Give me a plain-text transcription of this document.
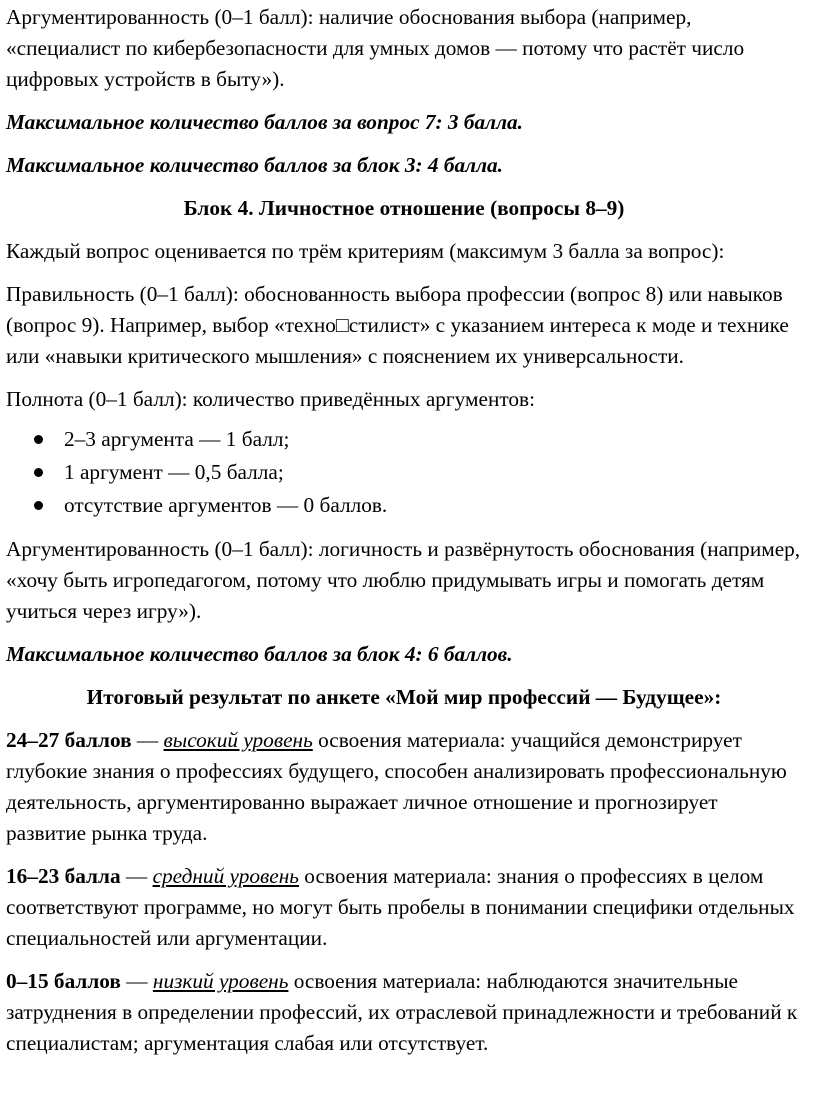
Аргументированность (0–1 балл): наличие обоснования выбора (например, «специалист по кибербезопасности для умных домов — потому что растёт число цифровых устройств в быту»).

Максимальное количество баллов за вопрос 7: 3 балла.

Максимальное количество баллов за блок 3: 4 балла.

Блок 4. Личностное отношение (вопросы 8–9)

Каждый вопрос оценивается по трём критериям (максимум 3 балла за вопрос):

Правильность (0–1 балл): обоснованность выбора профессии (вопрос 8) или навыков (вопрос 9). Например, выбор «техно□стилист» с указанием интереса к моде и технике или «навыки критического мышления» с пояснением их универсальности.

Полнота (0–1 балл): количество приведённых аргументов:

2–3 аргумента — 1 балл;
1 аргумент — 0,5 балла;
отсутствие аргументов — 0 баллов.

Аргументированность (0–1 балл): логичность и развёрнутость обоснования (например, «хочу быть игропедагогом, потому что люблю придумывать игры и помогать детям учиться через игру»).

Максимальное количество баллов за блок 4: 6 баллов.

Итоговый результат по анкете «Мой мир профессий — Будущее»:

24–27 баллов — высокий уровень освоения материала: учащийся демонстрирует глубокие знания о профессиях будущего, способен анализировать профессиональную деятельность, аргументированно выражает личное отношение и прогнозирует развитие рынка труда.

16–23 балла — средний уровень освоения материала: знания о профессиях в целом соответствуют программе, но могут быть пробелы в понимании специфики отдельных специальностей или аргументации.

0–15 баллов — низкий уровень освоения материала: наблюдаются значительные затруднения в определении профессий, их отраслевой принадлежности и требований к специалистам; аргументация слабая или отсутствует.
